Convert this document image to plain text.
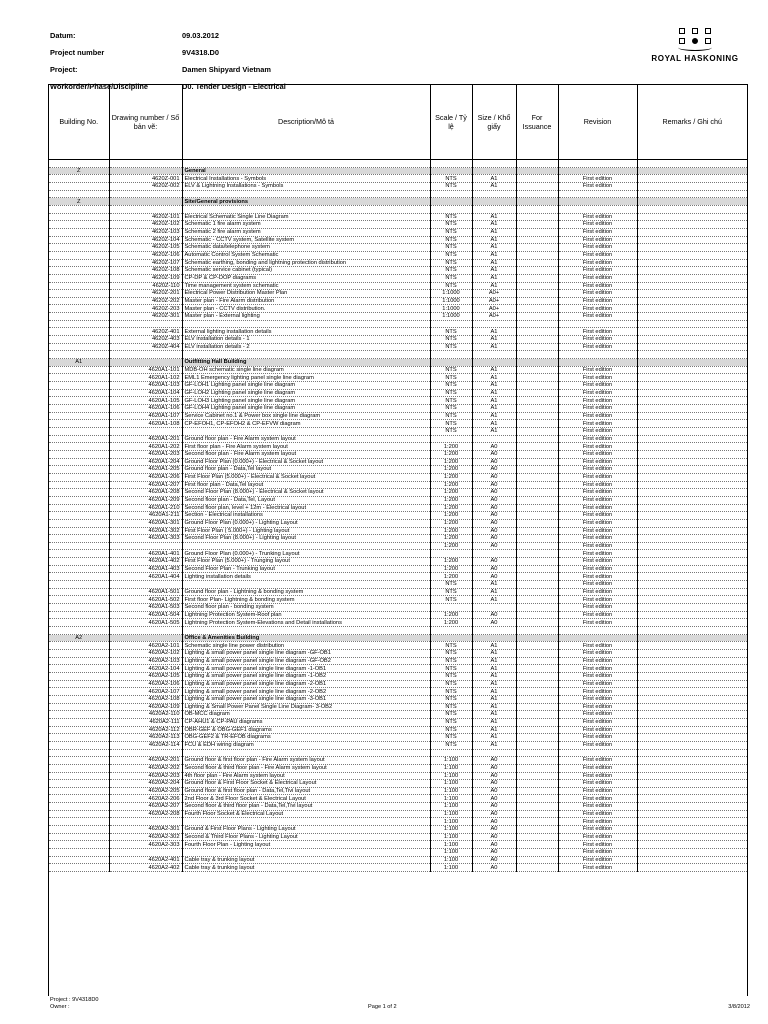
Datum:	09.03.2012
Project number	9V4318.D0
Project:	Damen Shipyard Vietnam
Workorder/Phase/Discipline	D0. Tender Design - Electrical
ROYAL HASKONING
Building No.	Drawing number / Số bản vẽ:	Description/Mô tả	Scale / Tỷ lệ	Size / Khổ giấy	For Issuance	Revision	Remarks / Ghi chú

Z		General					
	4620Z-001	Electrical Installations - Symbols	NTS	A1		First edition	
	4620Z-002	ELV & Lightning Installations - Symbols	NTS	A1		First edition	

Z		Site/General provisions					

	4620Z-101	Electrical Schematic Single Line Diagram	NTS	A1		First edition	
	4620Z-102	Schematic 1 fire alarm system	NTS	A1		First edition	
	4620Z-103	Schematic 2 fire alarm system	NTS	A1		First edition	
	4620Z-104	Schematic - CCTV system, Satellite system	NTS	A1		First edition	
	4620Z-105	Schematic data/telephone system	NTS	A1		First edition	
	4620Z-106	Automatic Control System Schematic	NTS	A1		First edition	
	4620Z-107	Schematic earthing, bonding and lightning protection distribution	NTS	A1		First edition	
	4620Z-108	Schematic service cabinet (typical)	NTS	A1		First edition	
	4620Z-109	CP-DP & CP-DOP diagrams	NTS	A1		First edition	
	4620Z-110	Time management system schematic	NTS	A1		First edition	
	4620Z-201	Electrical Power Distribution Master Plan	1:1000	A0+		First edition	
	4620Z-202	Master plan - Fire Alarm distribution	1:1000	A0+		First edition	
	4620Z-203	Master plan - CCTV distribution.	1:1000	A0+		First edition	
	4620Z-301	Master plan - External lighting	1:1000	A0+		First edition	

	4620Z-401	External lighting installation details	NTS	A1		First edition	
	4620Z-403	ELV installation details - 1	NTS	A1		First edition	
	4620Z-404	ELV installation details - 2	NTS	A1		First edition	

A1		Outfitting Hall Building					
	4620A1-101	MDB-OH schematic single line diagram	NTS	A1		First edition	
	4620A1-102	EML1 Emergency lighting panel single line diagram	NTS	A1		First edition	
	4620A1-103	GF-LOH1 Lighting panel single line diagram	NTS	A1		First edition	
	4620A1-104	GF-LOH2 Lighting panel single line diagram	NTS	A1		First edition	
	4620A1-105	GF-LOH3 Lighting panel single line diagram	NTS	A1		First edition	
	4620A1-106	GF-LOH4 Lighting panel single line diagram	NTS	A1		First edition	
	4620A1-107	Service Cabinet no.1 & Power box single line diagram	NTS	A1		First edition	
	4620A1-108	CP-EFOH1, CP-EFOH2 & CP-EFVW diagram	NTS	A1		First edition	
			NTS	A1		First edition	
	4620A1-201	Ground floor plan - Fire Alarm system layout				First edition	
	4620A1-202	First floor plan - Fire Alarm system layout	1:200	A0		First edition	
	4620A1-203	Second floor plan - Fire Alarm system layout	1:200	A0		First edition	
	4620A1-204	Ground Floor Plan (0.000+) - Electrical & Socket layout	1:200	A0		First edition	
	4620A1-205	Ground floor plan - Data,Tel layout	1:200	A0		First edition	
	4620A1-206	First Floor Plan (5.000+) - Electrical & Socket layout	1:200	A0		First edition	
	4620A1-207	First floor plan - Data,Tel layout	1:200	A0		First edition	
	4620A1-208	Second Floor Plan (8.000+) - Electrical & Socket layout	1:200	A0		First edition	
	4620A1-209	Second floor plan - Data,Tel, Layout	1:200	A0		First edition	
	4620A1-210	Second floor plan, level + 12m - Electrical layout	1:200	A0		First edition	
	4620A1-211	Section - Electrical installations	1:200	A0		First edition	
	4620A1-301	Ground Floor Plan (0.000+) - Lighting Layout	1:200	A0		First edition	
	4620A1-302	First Floor Plan ( 5.000+) - Lighting layout	1:200	A0		First edition	
	4620A1-303	Second Floor Plan (8.000+) - Lighting layout	1:200	A0		First edition	
			1:200	A0		First edition	
	4620A1-401	Ground Floor Plan (0.000+) - Trunking Layout				First edition	
	4620A1-402	First Floor Plan (5.000+) - Trunging layout	1:200	A0		First edition	
	4620A1-403	Second Floor Plan - Trunking layout	1:200	A0		First edition	
	4620A1-404	Lighting installation details	1:200	A0		First edition	
			NTS	A1		First edition	
	4620A1-501	Ground floor plan - Lightning & bonding system	NTS	A1		First edition	
	4620A1-502	First floor Plan- Lightning & bonding system	NTS	A1		First edition	
	4620A1-503	Second floor plan - bonding system				First edition	
	4620A1-504	Lightning Protection System-Roof plan	1:200	A0		First edition	
	4620A1-505	Lightning Protection System-Elevations and Detail installations	1:200	A0		First edition	

A2		Office & Amenities Building					
	4620A2-101	Schematic single line power distribution	NTS	A1		First edition	
	4620A2-102	Lighting & small power panel single line diagram -GF-OB1	NTS	A1		First edition	
	4620A2-103	Lighting & small power panel single line diagram -GF-OB2	NTS	A1		First edition	
	4620A2-104	Lighting & small power panel single line diagram -1-OB1	NTS	A1		First edition	
	4620A2-105	Lighting & small power panel single line diagram -1-OB2	NTS	A1		First edition	
	4620A2-106	Lighting & small power panel single line diagram -2-OB1	NTS	A1		First edition	
	4620A2-107	Lighting & small power panel single line diagram -2-OB2	NTS	A1		First edition	
	4620A2-108	Lighting & small power panel single line diagram -3-OB1	NTS	A1		First edition	
	4620A2-109	Lighting & Small Power Panel Single Line Diagram- 3-OB2	NTS	A1		First edition	
	4620A2-110	OB-MCC diagram	NTS	A1		First edition	
	4620A2-111	CP-AHU1 & CP-PAU diagrams	NTS	A1		First edition	
	4620A2-112	OBR-GEF & OBG-GEF1 diagrams	NTS	A1		First edition	
	4620A2-113	OBG-GEF2 & TR-EFOB diagrams	NTS	A1		First edition	
	4620A2-114	FCU & EDH wiring diagram	NTS	A1		First edition	

	4620A2-201	Ground floor & first floor plan - Fire Alarm system layout	1:100	A0		First edition	
	4620A2-202	Second floor & third floor plan - Fire Alarm system layout	1:100	A0		First edition	
	4620A2-203	4th floor plan - Fire Alarm system layout	1:100	A0		First edition	
	4620A2-204	Ground floor & First Floor Socket & Electrical Layout	1:100	A0		First edition	
	4620A2-205	Ground floor & first floor plan - Data,Tel,Tivi layout	1:100	A0		First edition	
	4620A2-206	2nd Floor & 3rd Floor Socket & Electrical Layout	1:100	A0		First edition	
	4620A2-207	Second floor & third floor plan - Data,Tel,Tivi layout	1:100	A0		First edition	
	4620A2-208	Fourth Floor Socket & Electrical Layout	1:100	A0		First edition	
			1:100	A0		First edition	
	4620A2-301	Ground & First Floor Plans - Lighting Layout	1:100	A0		First edition	
	4620A2-302	Second & Third Floor Plans - Lighting Layout	1:100	A0		First edition	
	4620A2-303	Fourth Floor Plan - Lighting layout	1:100	A0		First edition	
			1:100	A0		First edition	
	4620A2-401	Cable tray & trunking layout	1:100	A0		First edition	
	4620A2-402	Cable tray & trunking layout	1:100	A0		First edition	
Project : 9V4318D0
Owner :	Page 1 of 2	3/8/2012
